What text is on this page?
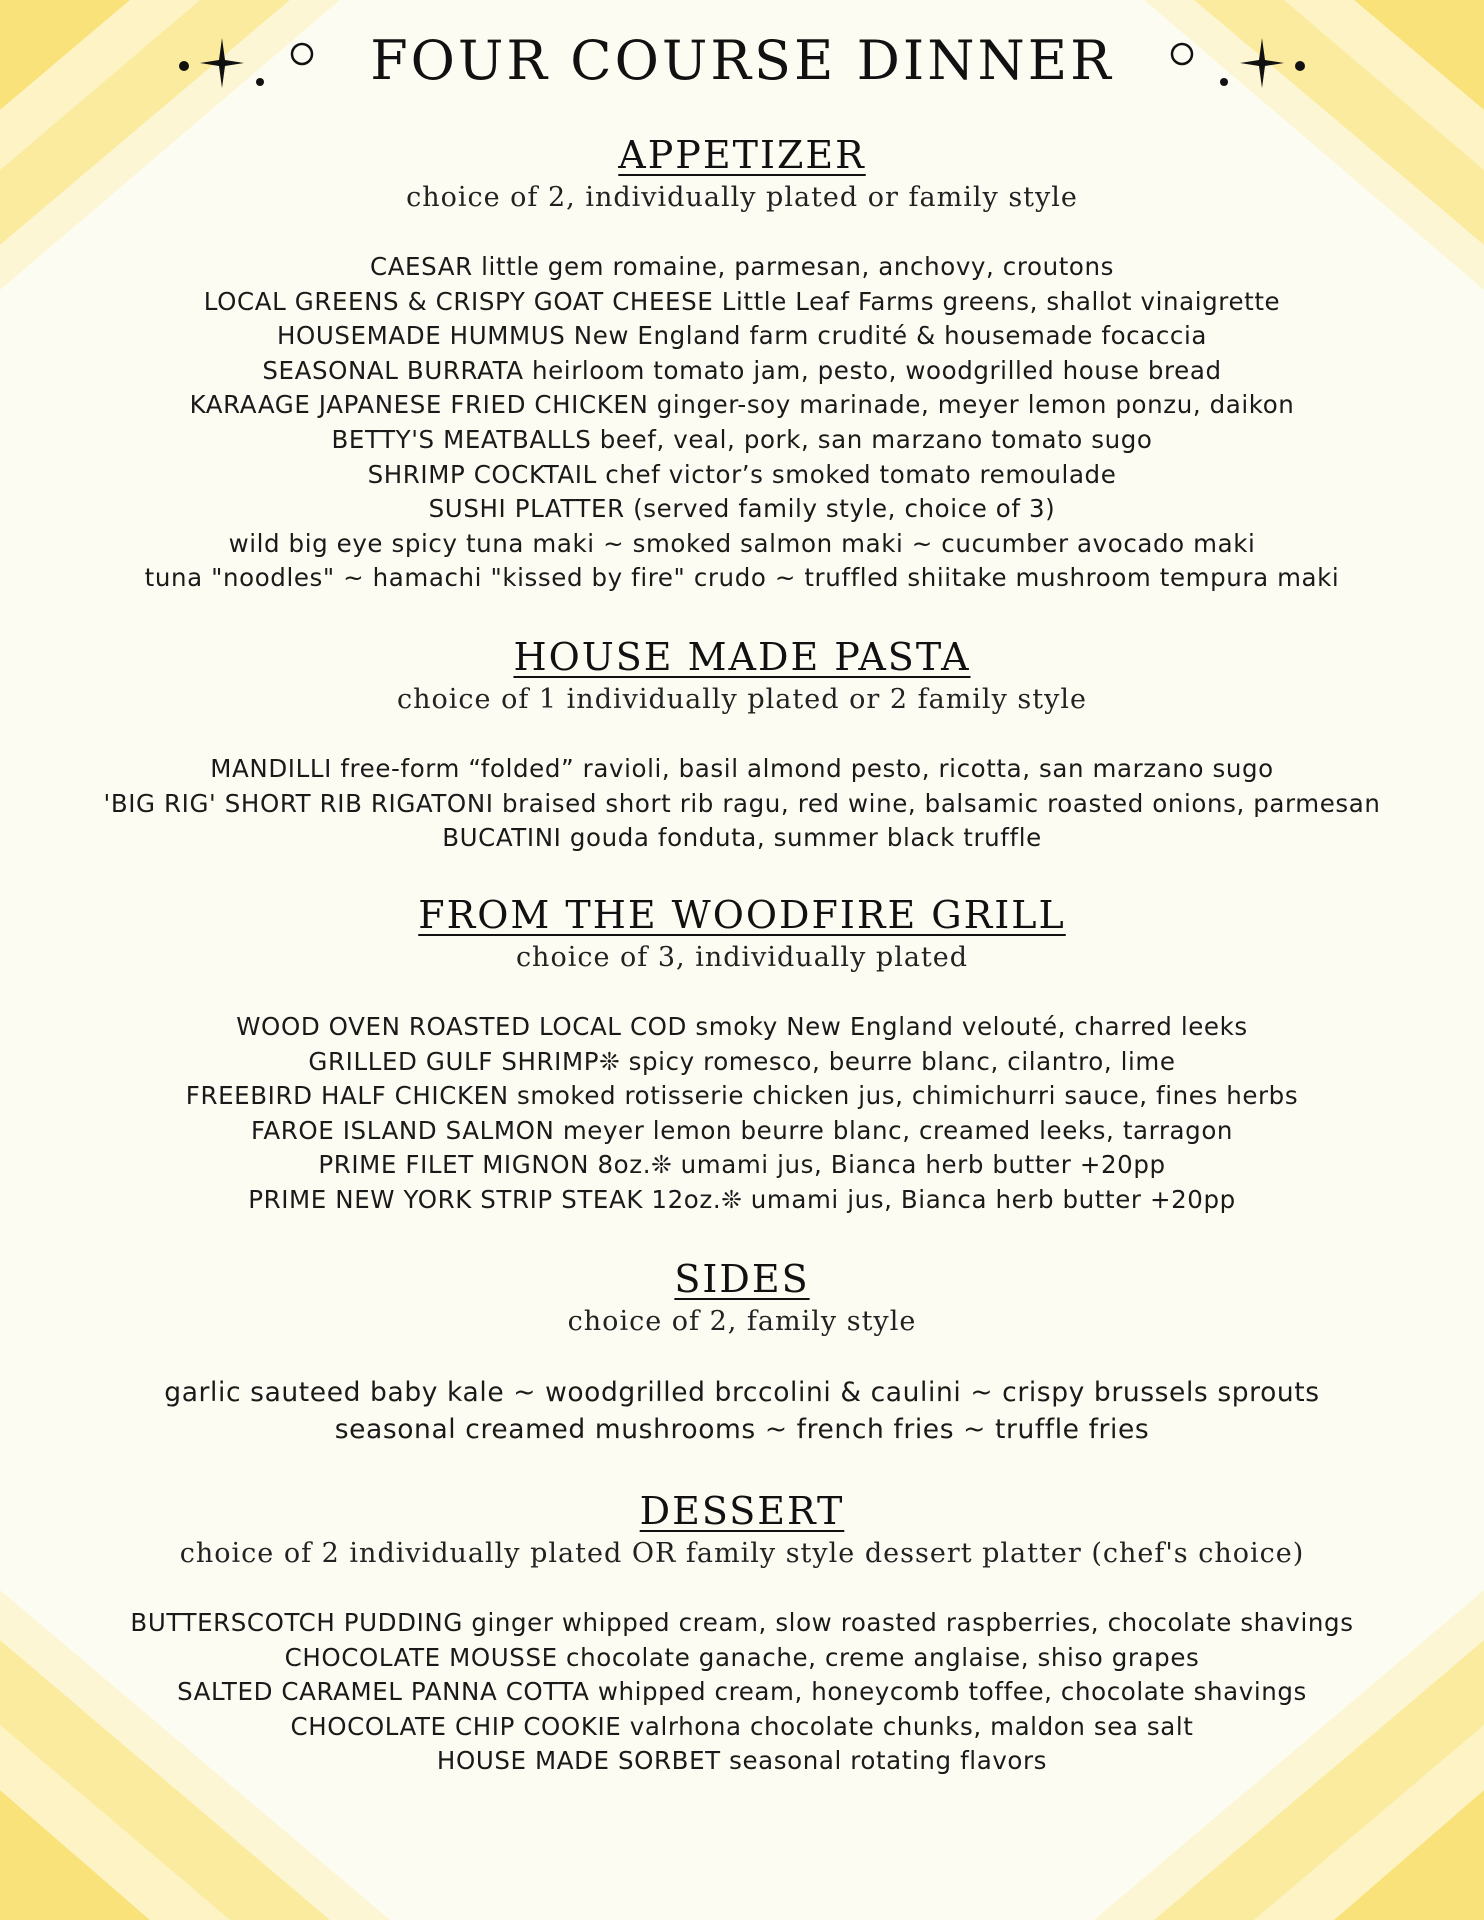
FOUR COURSE DINNER
APPETIZER
choice of 2, individually plated or family style
CAESAR little gem romaine, parmesan, anchovy, croutons
LOCAL GREENS & CRISPY GOAT CHEESE Little Leaf Farms greens, shallot vinaigrette
HOUSEMADE HUMMUS New England farm crudité & housemade focaccia
SEASONAL BURRATA heirloom tomato jam, pesto, woodgrilled house bread
KARAAGE JAPANESE FRIED CHICKEN ginger-soy marinade, meyer lemon ponzu, daikon
BETTY'S MEATBALLS beef, veal, pork, san marzano tomato sugo
SHRIMP COCKTAIL chef victor’s smoked tomato remoulade
SUSHI PLATTER (served family style, choice of 3)
wild big eye spicy tuna maki ~ smoked salmon maki ~ cucumber avocado maki
tuna "noodles" ~ hamachi "kissed by fire" crudo ~ truffled shiitake mushroom tempura maki
HOUSE MADE PASTA
choice of 1 individually plated or 2 family style
MANDILLI free-form “folded” ravioli, basil almond pesto, ricotta, san marzano sugo
'BIG RIG' SHORT RIB RIGATONI braised short rib ragu, red wine, balsamic roasted onions, parmesan
BUCATINI gouda fonduta, summer black truffle
FROM THE WOODFIRE GRILL
choice of 3, individually plated
WOOD OVEN ROASTED LOCAL COD smoky New England velouté, charred leeks
GRILLED GULF SHRIMP❊ spicy romesco, beurre blanc, cilantro, lime
FREEBIRD HALF CHICKEN smoked rotisserie chicken jus, chimichurri sauce, fines herbs
FAROE ISLAND SALMON meyer lemon beurre blanc, creamed leeks, tarragon
PRIME FILET MIGNON 8oz.❊ umami jus, Bianca herb butter +20pp
PRIME NEW YORK STRIP STEAK 12oz.❊ umami jus, Bianca herb butter +20pp
SIDES
choice of 2, family style
garlic sauteed baby kale ~ woodgrilled brccolini & caulini ~ crispy brussels sprouts
seasonal creamed mushrooms ~ french fries ~ truffle fries
DESSERT
choice of 2 individually plated OR family style dessert platter (chef's choice)
BUTTERSCOTCH PUDDING ginger whipped cream, slow roasted raspberries, chocolate shavings
CHOCOLATE MOUSSE chocolate ganache, creme anglaise, shiso grapes
SALTED CARAMEL PANNA COTTA whipped cream, honeycomb toffee, chocolate shavings
CHOCOLATE CHIP COOKIE valrhona chocolate chunks, maldon sea salt
HOUSE MADE SORBET seasonal rotating flavors
